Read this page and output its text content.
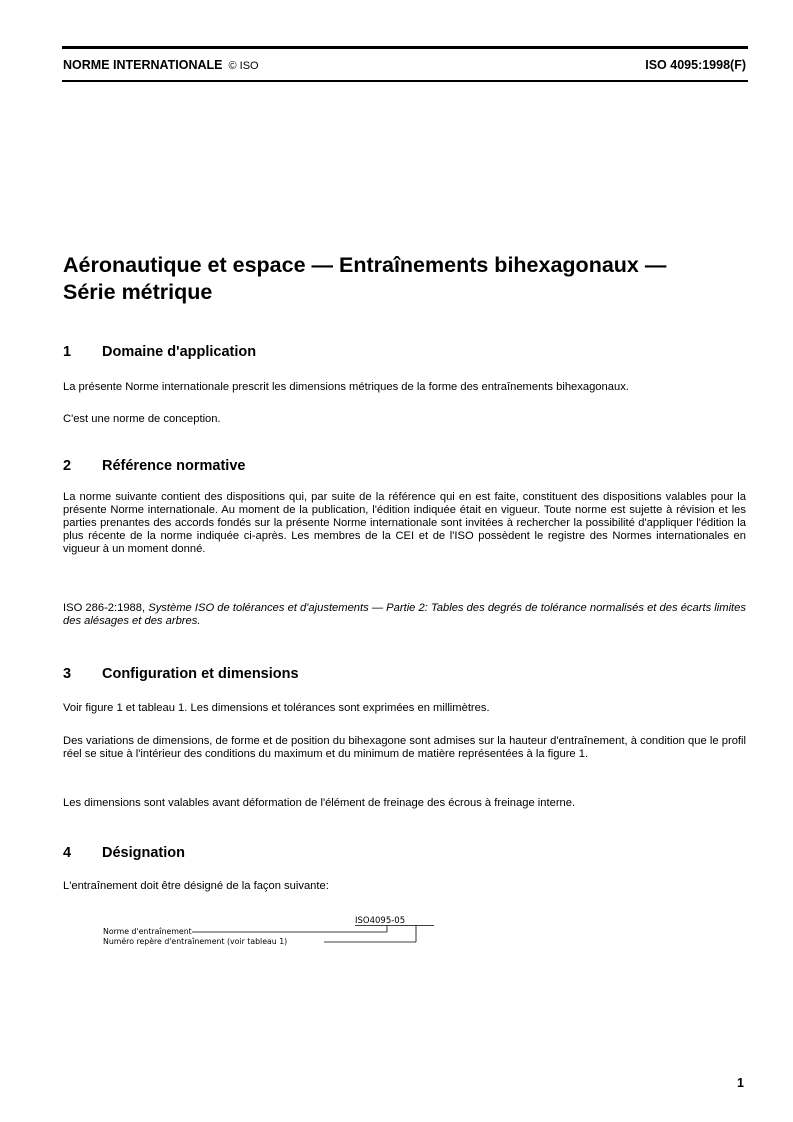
NORME INTERNATIONALE © ISO	ISO 4095:1998(F)
Aéronautique et espace — Entraînements bihexagonaux —
Série métrique
1 Domaine d'application

La présente Norme internationale prescrit les dimensions métriques de la forme des entraînements bihexagonaux.

C'est une norme de conception.

2 Référence normative

La norme suivante contient des dispositions qui, par suite de la référence qui en est faite, constituent des dispositions valables pour la présente Norme internationale. Au moment de la publication, l'édition indiquée était en vigueur. Toute norme est sujette à révision et les parties prenantes des accords fondés sur la présente Norme internationale sont invitées à rechercher la possibilité d'appliquer l'édition la plus récente de la norme indiquée ci-après. Les membres de la CEI et de l'ISO possèdent le registre des Normes internationales en vigueur à un moment donné.

ISO 286-2:1988, Système ISO de tolérances et d'ajustements — Partie 2: Tables des degrés de tolérance normalisés et des écarts limites des alésages et des arbres.

3 Configuration et dimensions

Voir figure 1 et tableau 1. Les dimensions et tolérances sont exprimées en millimètres.

Des variations de dimensions, de forme et de position du bihexagone sont admises sur la hauteur d'entraînement, à condition que le profil réel se situe à l'intérieur des conditions du maximum et du minimum de matière représentées à la figure 1.

Les dimensions sont valables avant déformation de l'élément de freinage des écrous à freinage interne.

4 Désignation

L'entraînement doit être désigné de la façon suivante:

ISO4095-05
Norme d'entraînement
Numéro repère d'entraînement (voir tableau 1)
1
